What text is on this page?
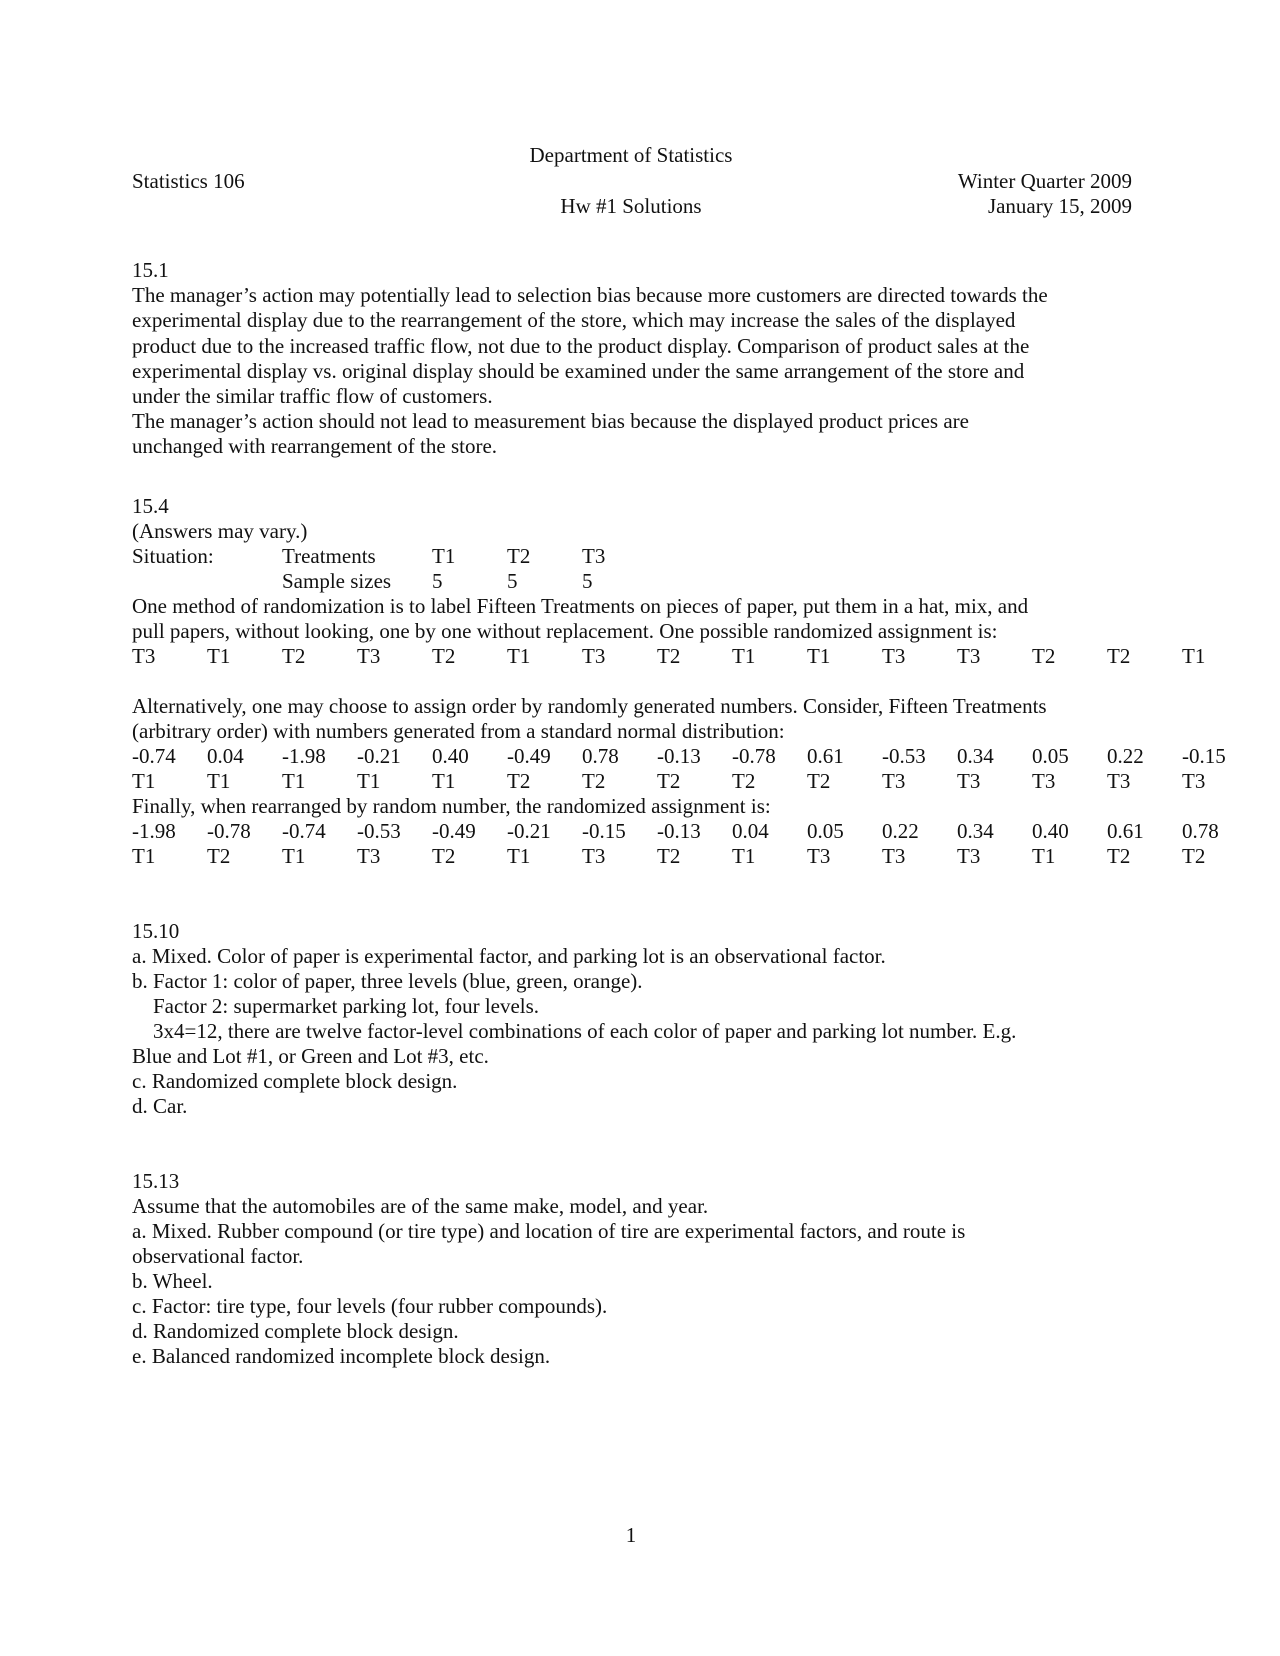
Department of Statistics
Statistics 106	Winter Quarter 2009
Hw #1 Solutions	January 15, 2009
15.1
The manager’s action may potentially lead to selection bias because more customers are directed towards the
experimental display due to the rearrangement of the store, which may increase the sales of the displayed
product due to the increased traffic flow, not due to the product display. Comparison of product sales at the
experimental display vs. original display should be examined under the same arrangement of the store and
under the similar traffic flow of customers.
The manager’s action should not lead to measurement bias because the displayed product prices are
unchanged with rearrangement of the store.
15.4
(Answers may vary.)
Situation:	Treatments	T1 T2 T3
Sample sizes 5	5	5
One method of randomization is to label Fifteen Treatments on pieces of paper, put them in a hat, mix, and
pull papers, without looking, one by one without replacement. One possible randomized assignment is:
T3 T1 T2 T3 T2 T1 T3 T2 T1 T1 T3 T3 T2 T2 T1
Alternatively, one may choose to assign order by randomly generated numbers. Consider, Fifteen Treatments
(arbitrary order) with numbers generated from a standard normal distribution:
-0.74 0.04 -1.98 -0.21 0.40 -0.49 0.78 -0.13 -0.78 0.61 -0.53 0.34 0.05 0.22 -0.15
T1 T1 T1 T1 T1 T2 T2 T2 T2 T2 T3 T3 T3 T3 T3
Finally, when rearranged by random number, the randomized assignment is:
-1.98 -0.78 -0.74 -0.53 -0.49 -0.21 -0.15 -0.13 0.04 0.05 0.22 0.34 0.40 0.61 0.78
T1 T2 T1 T3 T2 T1 T3 T2 T1 T3 T3 T3 T1 T2 T2
15.10
a. Mixed. Color of paper is experimental factor, and parking lot is an observational factor.
b. Factor 1: color of paper, three levels (blue, green, orange).
Factor 2: supermarket parking lot, four levels.
3x4=12, there are twelve factor-level combinations of each color of paper and parking lot number. E.g.
Blue and Lot #1, or Green and Lot #3, etc.
c. Randomized complete block design.
d. Car.
15.13
Assume that the automobiles are of the same make, model, and year.
a. Mixed. Rubber compound (or tire type) and location of tire are experimental factors, and route is
observational factor.
b. Wheel.
c. Factor: tire type, four levels (four rubber compounds).
d. Randomized complete block design.
e. Balanced randomized incomplete block design.
1
